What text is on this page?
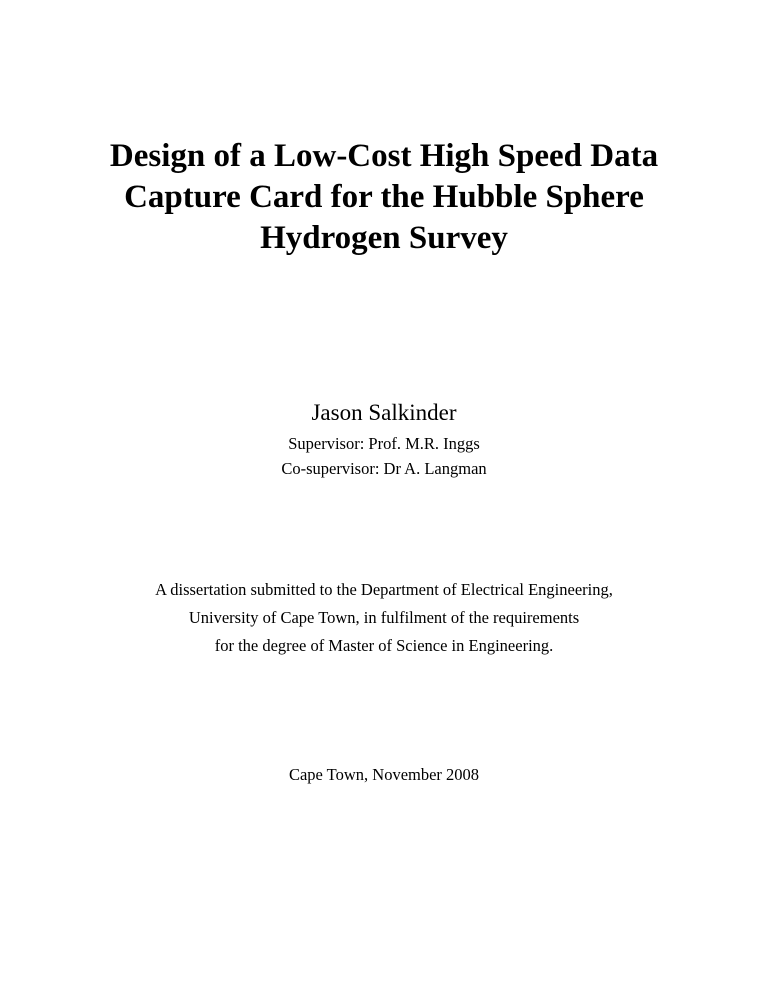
Design of a Low-Cost High Speed Data
Capture Card for the Hubble Sphere
Hydrogen Survey

Jason Salkinder

Supervisor: Prof. M.R. Inggs

Co-supervisor: Dr A. Langman

A dissertation submitted to the Department of Electrical Engineering,

University of Cape Town, in fulfilment of the requirements

for the degree of Master of Science in Engineering.

Cape Town, November 2008
